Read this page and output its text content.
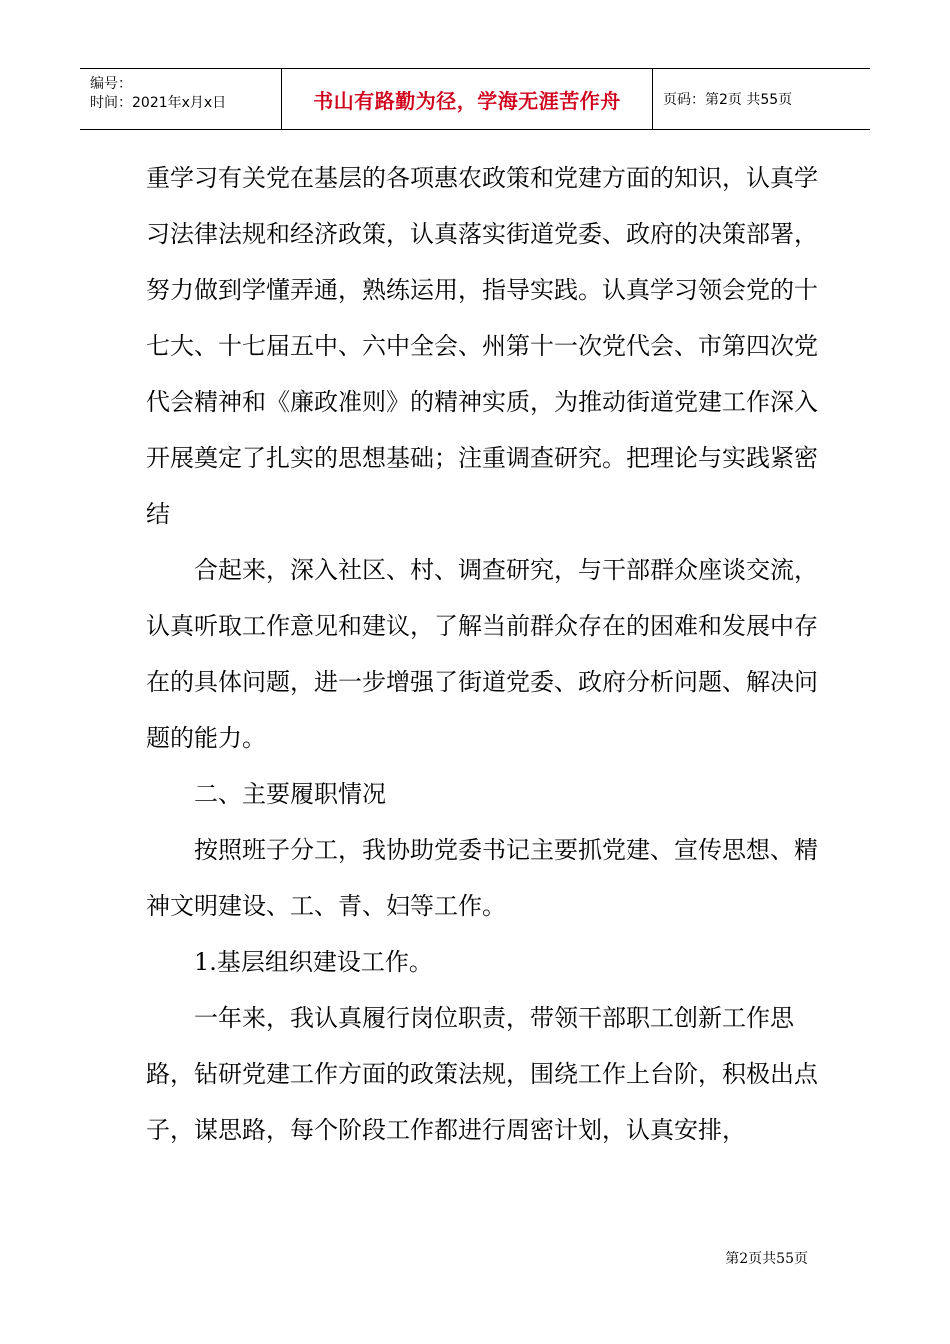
编号：
时间：2021年x月x日	书山有路勤为径，学海无涯苦作舟	页码：第2页 共55页

重学习有关党在基层的各项惠农政策和党建方面的知识，认真学习法律法规和经济政策，认真落实街道党委、政府的决策部署，努力做到学懂弄通，熟练运用，指导实践。认真学习领会党的十七大、十七届五中、六中全会、州第十一次党代会、市第四次党代会精神和《廉政准则》的精神实质，为推动街道党建工作深入开展奠定了扎实的思想基础；注重调查研究。把理论与实践紧密结

合起来，深入社区、村、调查研究，与干部群众座谈交流，认真听取工作意见和建议，了解当前群众存在的困难和发展中存在的具体问题，进一步增强了街道党委、政府分析问题、解决问题的能力。

二、主要履职情况

按照班子分工，我协助党委书记主要抓党建、宣传思想、精神文明建设、工、青、妇等工作。

1.基层组织建设工作。

一年来，我认真履行岗位职责，带领干部职工创新工作思路，钻研党建工作方面的政策法规，围绕工作上台阶，积极出点子，谋思路，每个阶段工作都进行周密计划，认真安排，

第2页共55页
